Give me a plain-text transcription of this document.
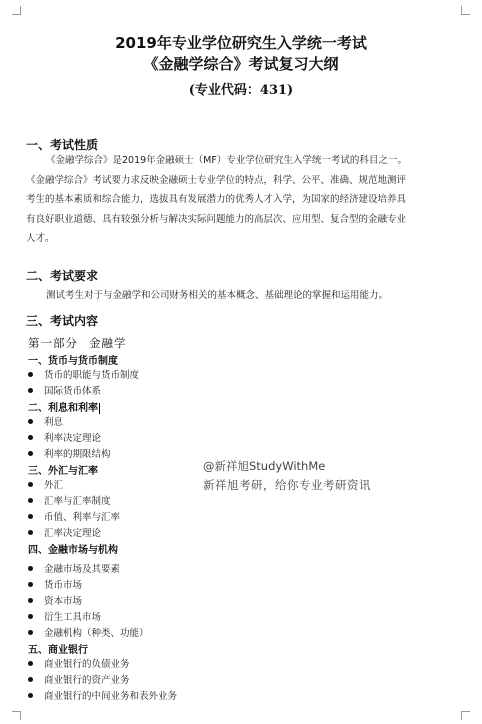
2019年专业学位研究生入学统一考试
《金融学综合》考试复习大纲
(专业代码：431)
一、考试性质
《金融学综合》是2019年金融硕士（MF）专业学位研究生入学统一考试的科目之一。
《金融学综合》考试要力求反映金融硕士专业学位的特点，科学、公平、准确、规范地测评
考生的基本素质和综合能力，选拔具有发展潜力的优秀人才入学，为国家的经济建设培养具
有良好职业道德、具有较强分析与解决实际问题能力的高层次、应用型、复合型的金融专业
人才。
二、考试要求
测试考生对于与金融学和公司财务相关的基本概念、基础理论的掌握和运用能力。
三、考试内容
第一部分 金融学
一、货币与货币制度
货币的职能与货币制度
国际货币体系
二、利息和利率
利息
利率决定理论
利率的期限结构
三、外汇与汇率
外汇
汇率与汇率制度
币值、利率与汇率
汇率决定理论
四、金融市场与机构
金融市场及其要素
货币市场
资本市场
衍生工具市场
金融机构（种类、功能）
五、商业银行
商业银行的负债业务
商业银行的资产业务
商业银行的中间业务和表外业务
@新祥旭StudyWithMe
新祥旭考研，给你专业考研资讯
